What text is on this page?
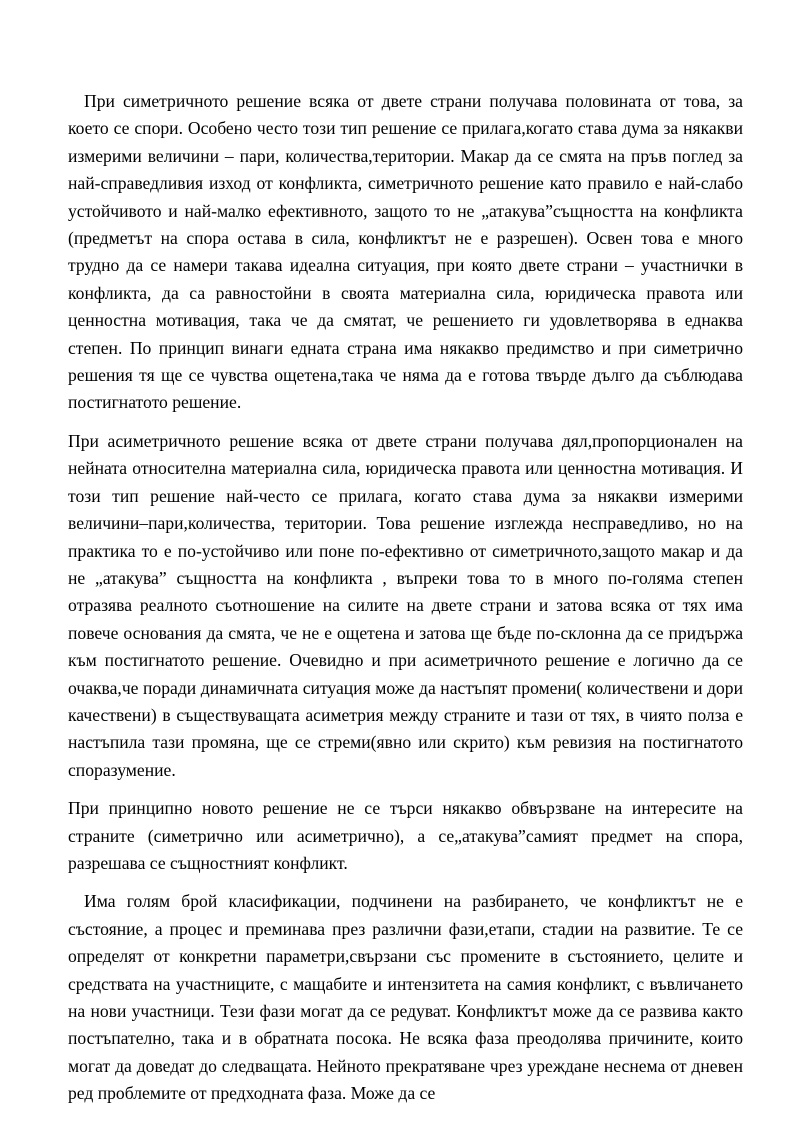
При симетричното решение всяка от двете страни получава половината от това, за което се спори. Особено често този тип решение се прилага,когато става дума за някакви измерими величини – пари, количества,територии. Макар да се смята на пръв поглед за най-справедливия изход от конфликта, симетричното решение като правило е най-слабо устойчивото и най-малко ефективното, защото то не „атакува”същността на конфликта (предметът на спора остава в сила, конфликтът не е разрешен). Освен това е много трудно да се намери такава идеална ситуация, при която двете страни – участнички в конфликта, да са равностойни в своята материална сила, юридическа правота или ценностна мотивация, така че да смятат, че решението ги удовлетворява в еднаква степен. По принцип винаги едната страна има някакво предимство и при симетрично решения тя ще се чувства ощетена,така че няма да е готова твърде дълго да съблюдава постигнатото решение.

При асиметричното решение всяка от двете страни получава дял,пропорционален на нейната относителна материална сила, юридическа правота или ценностна мотивация. И този тип решение най-често се прилага, когато става дума за някакви измерими величини–пари,количества, територии. Това решение изглежда несправедливо, но на практика то е по-устойчиво или поне по-ефективно от симетричното,защото макар и да не „атакува” същността на конфликта , въпреки това то в много по-голяма степен отразява реалното съотношение на силите на двете страни и затова всяка от тях има повече основания да смята, че не е ощетена и затова ще бъде по-склонна да се придържа към постигнатото решение. Очевидно и при асиметричното решение е логично да се очаква,че поради динамичната ситуация може да настъпят промени( количествени и дори качествени) в съществуващата асиметрия между страните и тази от тях, в чиято полза е настъпила тази промяна, ще се стреми(явно или скрито) към ревизия на постигнатото споразумение.

При принципно новото решение не се търси някакво обвързване на интересите на страните (симетрично или асиметрично), а се„атакува”самият предмет на спора, разрешава се същностният конфликт.

Има голям брой класификации, подчинени на разбирането, че конфликтът не е състояние, а процес и преминава през различни фази,етапи, стадии на развитие. Те се определят от конкретни параметри,свързани със промените в състоянието, целите и средствата на участниците, с мащабите и интензитета на самия конфликт, с въвличането на нови участници. Тези фази могат да се редуват. Конфликтът може да се развива както постъпателно, така и в обратната посока. Не всяка фаза преодолява причините, които могат да доведат до следващата. Нейното прекратяване чрез уреждане неснема от дневен ред проблемите от предходната фаза. Може да се
